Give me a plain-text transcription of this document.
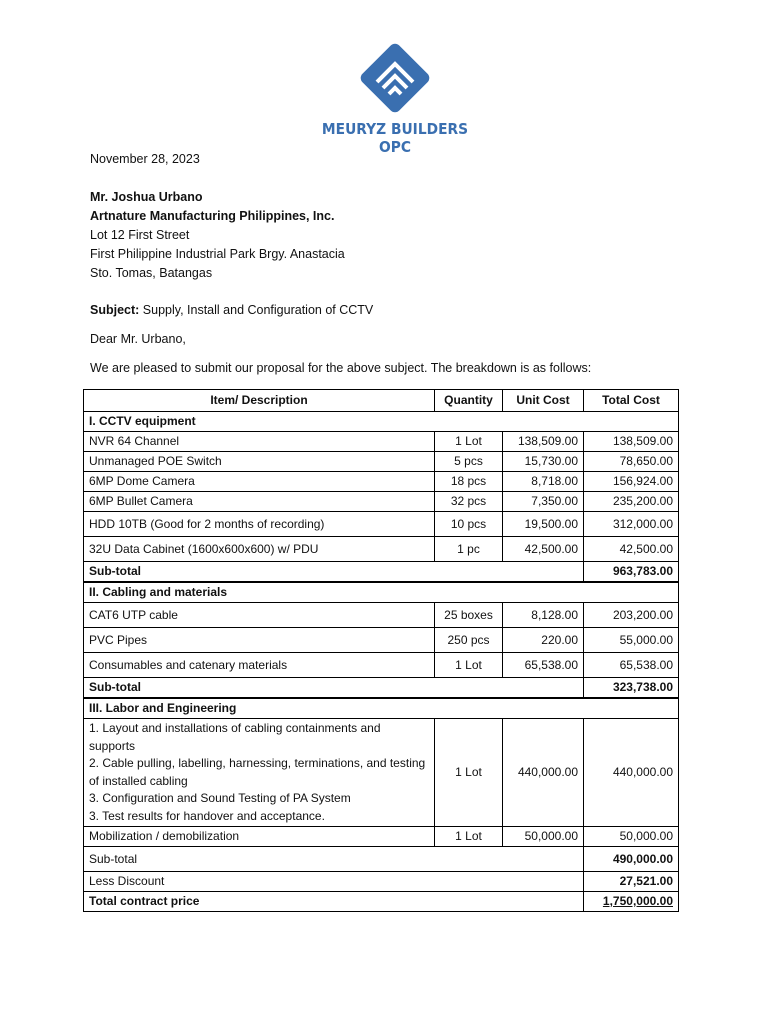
MEURYZ BUILDERS OPC
November 28, 2023
Mr. Joshua Urbano
Artnature Manufacturing Philippines, Inc.
Lot 12 First Street
First Philippine Industrial Park Brgy. Anastacia
Sto. Tomas, Batangas
Subject: Supply, Install and Configuration of CCTV
Dear Mr. Urbano,
We are pleased to submit our proposal for the above subject. The breakdown is as follows:
Item/ Description	Quantity	Unit Cost	Total Cost
I. CCTV equipment			
NVR 64 Channel	1 Lot	138,509.00	138,509.00
Unmanaged POE Switch	5 pcs	15,730.00	78,650.00
6MP Dome Camera	18 pcs	8,718.00	156,924.00
6MP Bullet Camera	32 pcs	7,350.00	235,200.00
HDD 10TB (Good for 2 months of recording)	10 pcs	19,500.00	312,000.00
32U Data Cabinet (1600x600x600) w/ PDU	1 pc	42,500.00	42,500.00
Sub-total			963,783.00
II. Cabling and materials			
CAT6 UTP cable	25 boxes	8,128.00	203,200.00
PVC Pipes	250 pcs	220.00	55,000.00
Consumables and catenary materials	1 Lot	65,538.00	65,538.00
Sub-total			323,738.00
III. Labor and Engineering			

1. Layout and installations of cabling containments and supports
2. Cable pulling, labelling, harnessing, terminations, and testing of installed cabling
3. Configuration and Sound Testing of PA System
3. Test results for handover and acceptance.	1 Lot	440,000.00	440,000.00
Mobilization / demobilization	1 Lot	50,000.00	50,000.00
Sub-total			490,000.00
Less Discount			27,521.00
Total contract price			1,750,000.00
